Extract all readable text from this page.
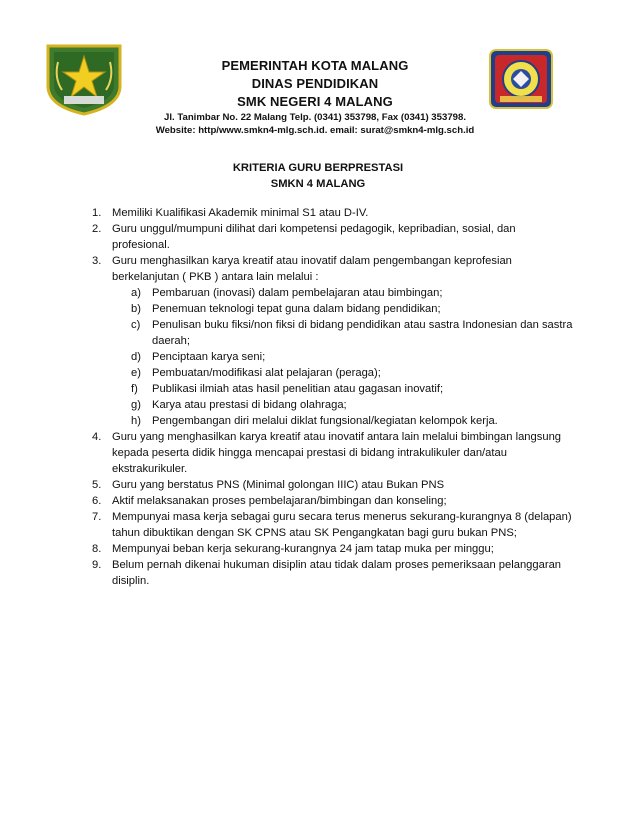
PEMERINTAH KOTA MALANG
DINAS PENDIDIKAN
SMK NEGERI 4 MALANG
Jl. Tanimbar No. 22 Malang Telp. (0341) 353798, Fax (0341) 353798.
Website: http/www.smkn4-mlg.sch.id. email: surat@smkn4-mlg.sch.id
KRITERIA GURU BERPRESTASI
SMKN 4 MALANG
1. Memiliki Kualifikasi Akademik minimal S1 atau D-IV.
2. Guru unggul/mumpuni dilihat dari kompetensi pedagogik, kepribadian, sosial, dan
profesional.
3. Guru menghasilkan karya kreatif atau inovatif dalam pengembangan keprofesian
berkelanjutan ( PKB ) antara lain melalui :
a) Pembaruan (inovasi) dalam pembelajaran atau bimbingan;
b) Penemuan teknologi tepat guna dalam bidang pendidikan;
c) Penulisan buku fiksi/non fiksi di bidang pendidikan atau sastra Indonesian dan sastra
daerah;
d) Penciptaan karya seni;
e) Pembuatan/modifikasi alat pelajaran (peraga);
f) Publikasi ilmiah atas hasil penelitian atau gagasan inovatif;
g) Karya atau prestasi di bidang olahraga;
h) Pengembangan diri melalui diklat fungsional/kegiatan kelompok kerja.
4. Guru yang menghasilkan karya kreatif atau inovatif antara lain melalui bimbingan langsung
kepada peserta didik hingga mencapai prestasi di bidang intrakulikuler dan/atau
ekstrakurikuler.
5. Guru yang berstatus PNS (Minimal golongan IIIC) atau Bukan PNS
6. Aktif melaksanakan proses pembelajaran/bimbingan dan konseling;
7. Mempunyai masa kerja sebagai guru secara terus menerus sekurang-kurangnya 8 (delapan)
tahun dibuktikan dengan SK CPNS atau SK Pengangkatan bagi guru bukan PNS;
8. Mempunyai beban kerja sekurang-kurangnya 24 jam tatap muka per minggu;
9. Belum pernah dikenai hukuman disiplin atau tidak dalam proses pemeriksaan pelanggaran
disiplin.
